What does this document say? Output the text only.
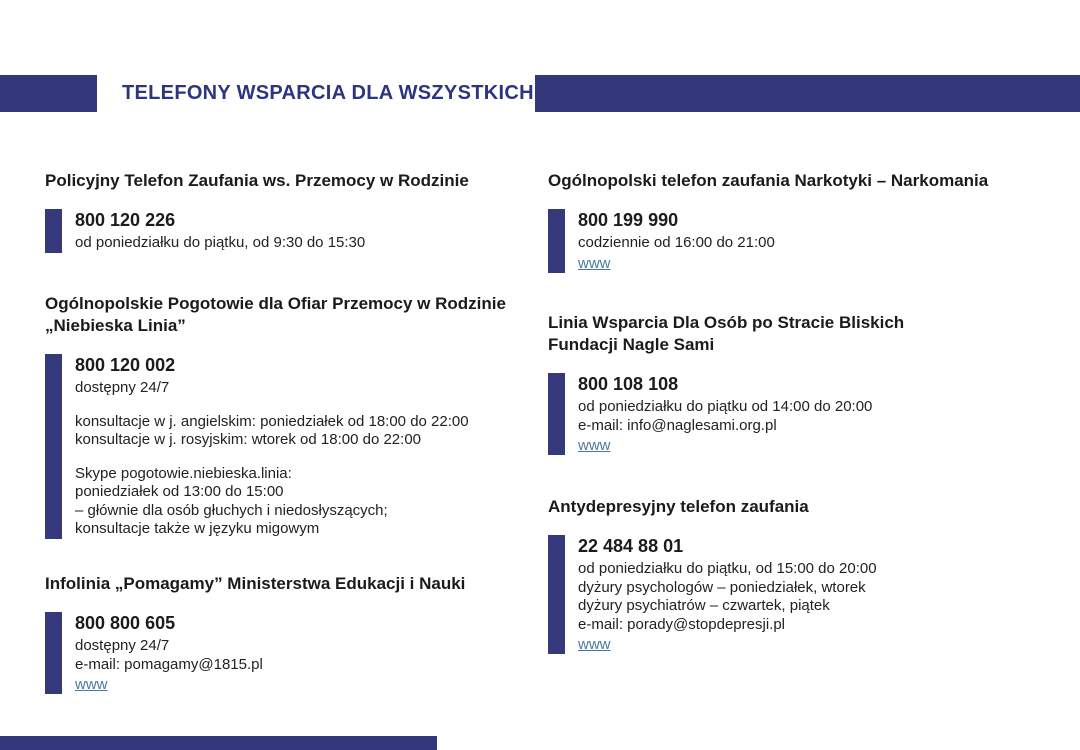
TELEFONY WSPARCIA DLA WSZYSTKICH
Policyjny Telefon Zaufania ws. Przemocy w Rodzinie
800 120 226
od poniedziałku do piątku, od 9:30 do 15:30
Ogólnopolskie Pogotowie dla Ofiar Przemocy w Rodzinie
„Niebieska Linia”
800 120 002
dostępny 24/7
konsultacje w j. angielskim: poniedziałek od 18:00 do 22:00
konsultacje w j. rosyjskim: wtorek od 18:00 do 22:00
Skype pogotowie.niebieska.linia:
poniedziałek od 13:00 do 15:00
– głównie dla osób głuchych i niedosłyszących;
konsultacje także w języku migowym
Infolinia „Pomagamy” Ministerstwa Edukacji i Nauki
800 800 605
dostępny 24/7
e-mail: pomagamy@1815.pl
www
Ogólnopolski telefon zaufania Narkotyki – Narkomania
800 199 990
codziennie od 16:00 do 21:00
www
Linia Wsparcia Dla Osób po Stracie Bliskich
Fundacji Nagle Sami
800 108 108
od poniedziałku do piątku od 14:00 do 20:00
e-mail: info@naglesami.org.pl
www
Antydepresyjny telefon zaufania
22 484 88 01
od poniedziałku do piątku, od 15:00 do 20:00
dyżury psychologów – poniedziałek, wtorek
dyżury psychiatrów – czwartek, piątek
e-mail: porady@stopdepresji.pl
www
